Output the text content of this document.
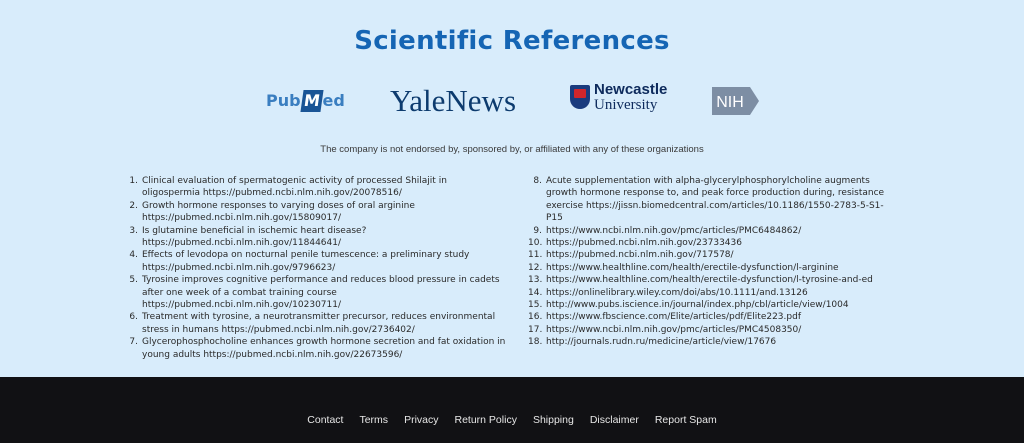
Scientific References
Pub Med YaleNews	Newcastle
University	NIH

The company is not endorsed by, sponsored by, or affiliated with any of these organizations

1. Clinical evaluation of spermatogenic activity of processed Shilajit in oligospermia https://pubmed.ncbi.nlm.nih.gov/20078516/
2. Growth hormone responses to varying doses of oral arginine https://pubmed.ncbi.nlm.nih.gov/15809017/
3. Is glutamine beneficial in ischemic heart disease? https://pubmed.ncbi.nlm.nih.gov/11844641/
4. Effects of levodopa on nocturnal penile tumescence: a preliminary study https://pubmed.ncbi.nlm.nih.gov/9796623/
5. Tyrosine improves cognitive performance and reduces blood pressure in cadets after one week of a combat training course https://pubmed.ncbi.nlm.nih.gov/10230711/
6. Treatment with tyrosine, a neurotransmitter precursor, reduces environmental stress in humans https://pubmed.ncbi.nlm.nih.gov/2736402/
7. Glycerophosphocholine enhances growth hormone secretion and fat oxidation in young adults https://pubmed.ncbi.nlm.nih.gov/22673596/
8. Acute supplementation with alpha-glycerylphosphorylcholine augments growth hormone response to, and peak force production during, resistance exercise https://jissn.biomedcentral.com/articles/10.1186/1550-2783-5-S1-P15
9. https://www.ncbi.nlm.nih.gov/pmc/articles/PMC6484862/
10. https://pubmed.ncbi.nlm.nih.gov/23733436
11. https://pubmed.ncbi.nlm.nih.gov/717578/
12. https://www.healthline.com/health/erectile-dysfunction/l-arginine
13. https://www.healthline.com/health/erectile-dysfunction/l-tyrosine-and-ed
14. https://onlinelibrary.wiley.com/doi/abs/10.1111/and.13126
15. http://www.pubs.iscience.in/journal/index.php/cbl/article/view/1004
16. https://www.fbscience.com/Elite/articles/pdf/Elite223.pdf
17. https://www.ncbi.nlm.nih.gov/pmc/articles/PMC4508350/
18. http://journals.rudn.ru/medicine/article/view/17676
Contact Terms Privacy Return Policy Shipping Disclaimer Report Spam
